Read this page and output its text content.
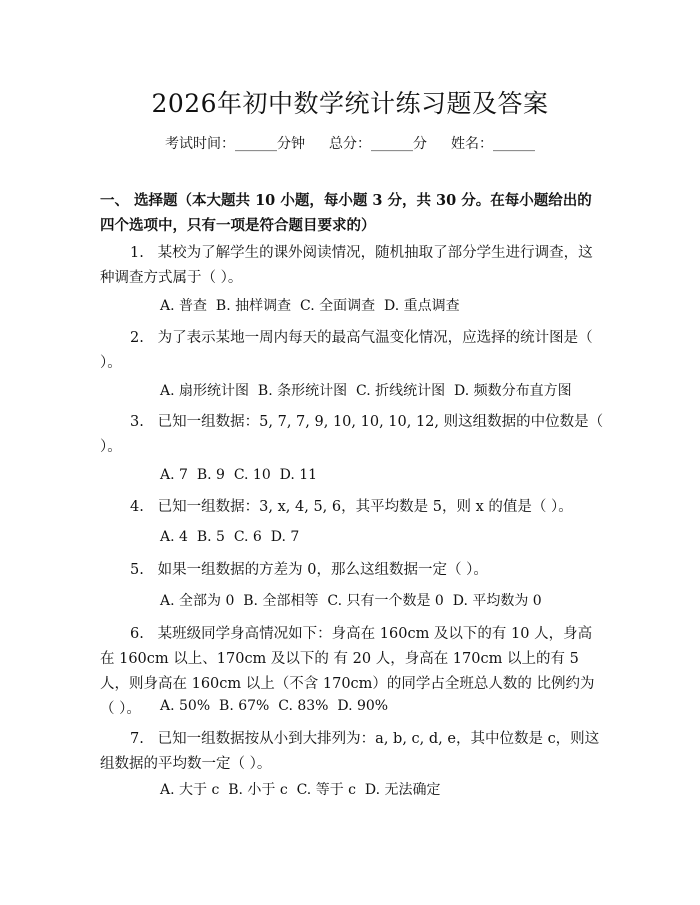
2026年初中数学统计练习题及答案
考试时间：______分钟 总分：______分 姓名：______
一、 选择题（本大题共 10 小题，每小题 3 分，共 30 分。在每小题给出的四个选项中，只有一项是符合题目要求的）
1. 某校为了解学生的课外阅读情况，随机抽取了部分学生进行调查，这种调查方式属于（ ）。
A. 普查  B. 抽样调查  C. 全面调查  D. 重点调查
2. 为了表示某地一周内每天的最高气温变化情况，应选择的统计图是（ ）。
A. 扇形统计图  B. 条形统计图  C. 折线统计图  D. 频数分布直方图
3. 已知一组数据：5, 7, 7, 9, 10, 10, 10, 12, 则这组数据的中位数是（ ）。
A. 7  B. 9  C. 10  D. 11
4. 已知一组数据：3, x, 4, 5, 6，其平均数是 5，则 x 的值是（ ）。
A. 4  B. 5  C. 6  D. 7
5. 如果一组数据的方差为 0，那么这组数据一定（ ）。
A. 全部为 0  B. 全部相等  C. 只有一个数是 0  D. 平均数为 0
6. 某班级同学身高情况如下：身高在 160cm 及以下的有 10 人，身高在 160cm 以上、170cm 及以下的 有 20 人，身高在 170cm 以上的有 5 人，则身高在 160cm 以上（不含 170cm）的同学占全班总人数的 比例约为（ ）。	A. 50%  B. 67%  C. 83%  D. 90%
7. 已知一组数据按从小到大排列为：a, b, c, d, e，其中位数是 c，则这组数据的平均数一定（ ）。
A. 大于 c  B. 小于 c  C. 等于 c  D. 无法确定
